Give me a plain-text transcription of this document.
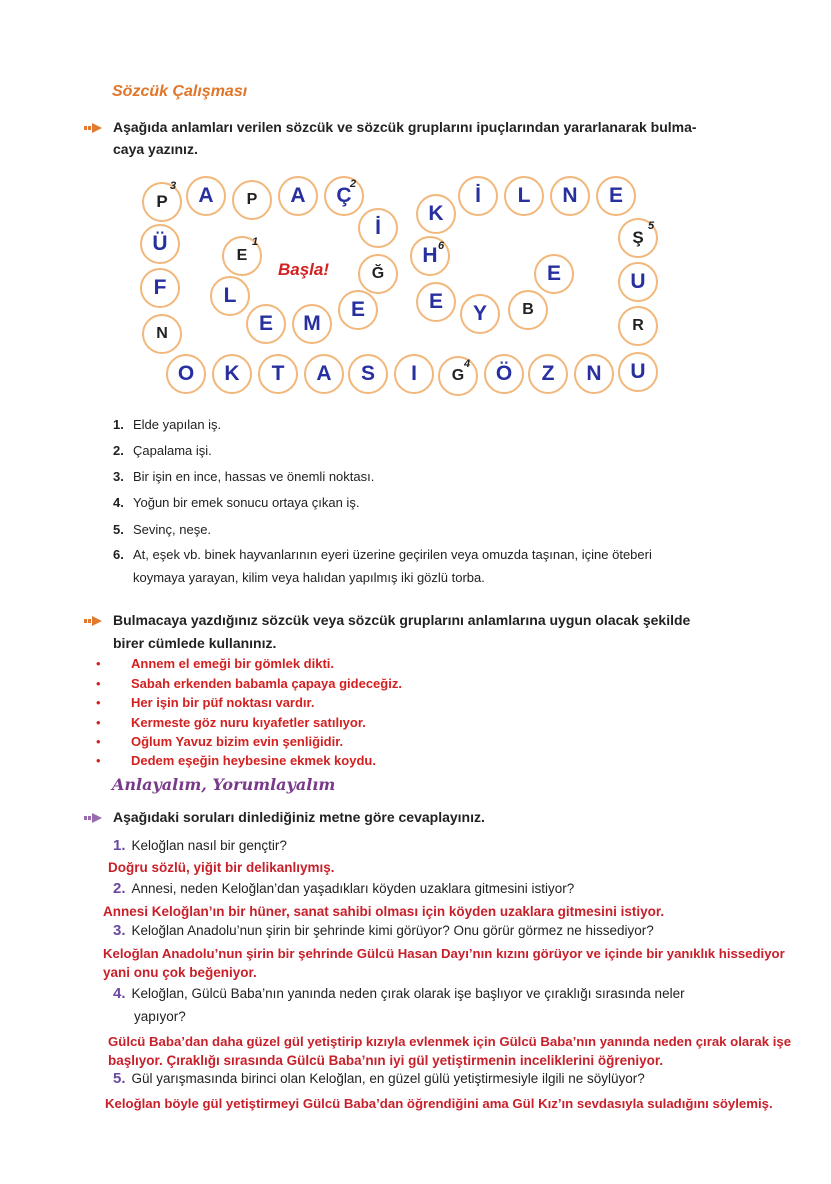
Sözcük Çalışması
Aşağıda anlamları verilen sözcük ve sözcük gruplarını ipuçlarından yararlanarak bulma-
caya yazınız.
Başla!
P A P A Ç
İ
Ğ
E
M
E
L
E
Ü
F
N
O K T A S I G Ö Z N U
R
U
Ş
E
N
L
İ
K
H
E
Y B
E
3	2
1	6
4
5
1. Elde yapılan iş.
2. Çapalama işi.
3. Bir işin en ince, hassas ve önemli noktası.
4. Yoğun bir emek sonucu ortaya çıkan iş.
5. Sevinç, neşe.
6. At, eşek vb. binek hayvanlarının eyeri üzerine geçirilen veya omuzda taşınan, içine öteberi
koymaya yarayan, kilim veya halıdan yapılmış iki gözlü torba.
Bulmacaya yazdığınız sözcük veya sözcük gruplarını anlamlarına uygun olacak şekilde
birer cümlede kullanınız.
• Annem el emeği bir gömlek dikti.
• Sabah erkenden babamla çapaya gideceğiz.
• Her işin bir püf noktası vardır.
• Kermeste göz nuru kıyafetler satılıyor.
• Oğlum Yavuz bizim evin şenliğidir.
• Dedem eşeğin heybesine ekmek koydu.
Anlayalım, Yorumlayalım
Aşağıdaki soruları dinlediğiniz metne göre cevaplayınız.
1. Keloğlan nasıl bir gençtir?
Doğru sözlü, yiğit bir delikanlıymış.
2. Annesi, neden Keloğlan’dan yaşadıkları köyden uzaklara gitmesini istiyor?
Annesi Keloğlan’ın bir hüner, sanat sahibi olması için köyden uzaklara gitmesini istiyor.
3. Keloğlan Anadolu’nun şirin bir şehrinde kimi görüyor? Onu görür görmez ne hissediyor?
Keloğlan Anadolu’nun şirin bir şehrinde Gülcü Hasan Dayı’nın kızını görüyor ve içinde bir yanıklık hissediyor
yani onu çok beğeniyor.
4. Keloğlan, Gülcü Baba’nın yanında neden çırak olarak işe başlıyor ve çıraklığı sırasında neler
yapıyor?
Gülcü Baba’dan daha güzel gül yetiştirip kızıyla evlenmek için Gülcü Baba’nın yanında neden çırak olarak işe
başlıyor. Çıraklığı sırasında Gülcü Baba’nın iyi gül yetiştirmenin inceliklerini öğreniyor.
5. Gül yarışmasında birinci olan Keloğlan, en güzel gülü yetiştirmesiyle ilgili ne söylüyor?
Keloğlan böyle gül yetiştirmeyi Gülcü Baba’dan öğrendiğini ama Gül Kız’ın sevdasıyla suladığını söylemiş.
